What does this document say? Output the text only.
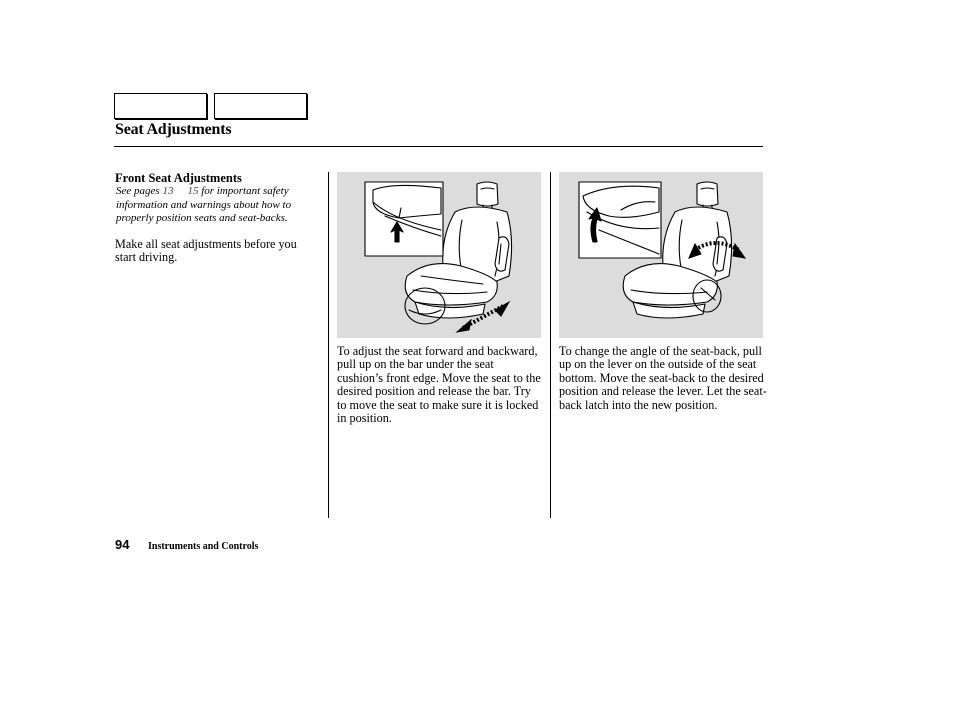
Seat Adjustments
Front Seat Adjustments
See pages 13 15 for important safety information and warnings about how to properly position seats and seat-backs.
Make all seat adjustments before you start driving.
To adjust the seat forward and backward, pull up on the bar under the seat cushion’s front edge. Move the seat to the desired position and release the bar. Try to move the seat to make sure it is locked in position.
To change the angle of the seat-back, pull up on the lever on the outside of the seat bottom. Move the seat-back to the desired position and release the lever. Let the seat-back latch into the new position.
94 Instruments and Controls
